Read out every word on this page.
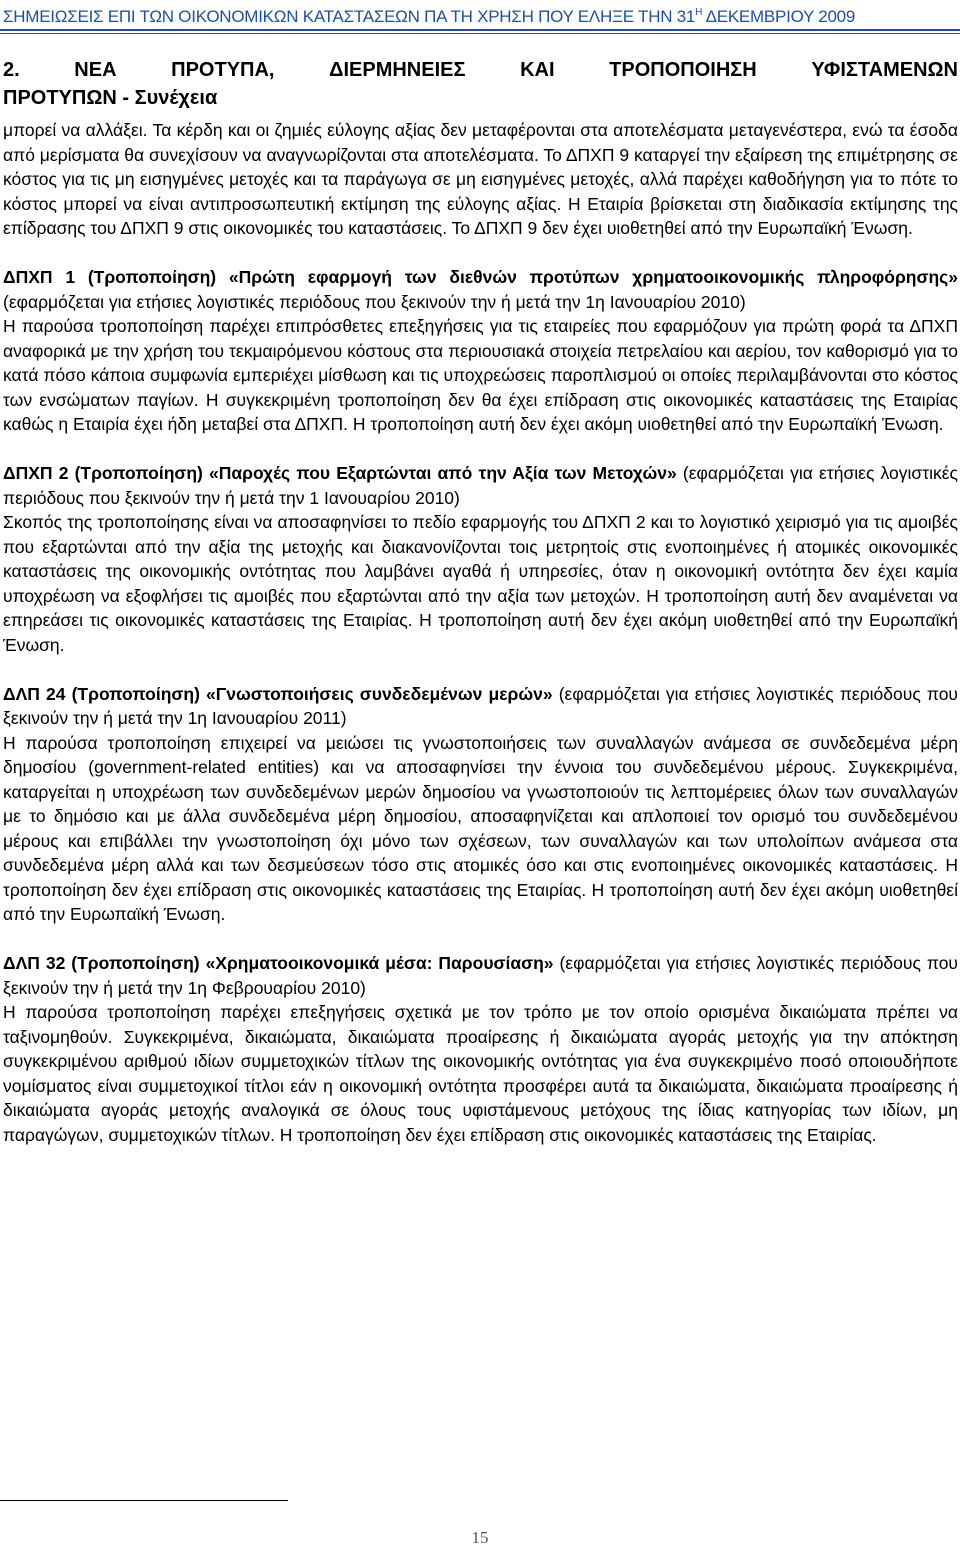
ΣΗΜΕΙΩΣΕΙΣ ΕΠΙ ΤΩΝ ΟΙΚΟΝΟΜΙΚΩΝ ΚΑΤΑΣΤΑΣΕΩΝ ΠΑ ΤΗ ΧΡΗΣΗ ΠΟΥ ΕΛΗΞΕ ΤΗΝ $31^H$ ΔΕΚΕΜΒΡΙΟΥ 2009
2.	ΝΕΑ	ΠΡΟΤΥΠΑ,	ΔΙΕΡΜΗΝΕΙΕΣ	ΚΑΙ	ΤΡΟΠΟΠΟΙΗΣΗ	ΥΦΙΣΤΑΜΕΝΩΝ
ΠΡΟΤΥΠΩΝ - Συνέχεια

μπορεί να αλλάξει. Τα κέρδη και οι ζημιές εύλογης αξίας δεν μεταφέρονται στα αποτελέσματα μεταγενέστερα, ενώ τα έσοδα από μερίσματα θα συνεχίσουν να αναγνωρίζονται στα αποτελέσματα. Το ΔΠΧΠ 9 καταργεί την εξαίρεση της επιμέτρησης σε κόστος για τις μη εισηγμένες μετοχές και τα παράγωγα σε μη εισηγμένες μετοχές, αλλά παρέχει καθοδήγηση για το πότε το κόστος μπορεί να είναι αντιπροσωπευτική εκτίμηση της εύλογης αξίας. Η Εταιρία βρίσκεται στη διαδικασία εκτίμησης της επίδρασης του ΔΠΧΠ 9 στις οικονομικές του καταστάσεις. Το ΔΠΧΠ 9 δεν έχει υιοθετηθεί από την Ευρωπαϊκή Ένωση.

ΔΠΧΠ 1 (Τροποποίηση) «Πρώτη εφαρμογή των διεθνών προτύπων χρηματοοικονομικής πληροφόρησης» (εφαρμόζεται για ετήσιες λογιστικές περιόδους που ξεκινούν την ή μετά την 1η Ιανουαρίου 2010)

Η παρούσα τροποποίηση παρέχει επιπρόσθετες επεξηγήσεις για τις εταιρείες που εφαρμόζουν για πρώτη φορά τα ΔΠΧΠ αναφορικά με την χρήση του τεκμαιρόμενου κόστους στα περιουσιακά στοιχεία πετρελαίου και αερίου, τον καθορισμό για το κατά πόσο κάποια συμφωνία εμπεριέχει μίσθωση και τις υποχρεώσεις παροπλισμού οι οποίες περιλαμβάνονται στο κόστος των ενσώματων παγίων. Η συγκεκριμένη τροποποίηση δεν θα έχει επίδραση στις οικονομικές καταστάσεις της Εταιρίας καθώς η Εταιρία έχει ήδη μεταβεί στα ΔΠΧΠ. Η τροποποίηση αυτή δεν έχει ακόμη υιοθετηθεί από την Ευρωπαϊκή Ένωση.

ΔΠΧΠ 2 (Τροποποίηση) «Παροχές που Εξαρτώνται από την Αξία των Μετοχών» (εφαρμόζεται για ετήσιες λογιστικές περιόδους που ξεκινούν την ή μετά την 1 Ιανουαρίου 2010)

Σκοπός της τροποποίησης είναι να αποσαφηνίσει το πεδίο εφαρμογής του ΔΠΧΠ 2 και το λογιστικό χειρισμό για τις αμοιβές που εξαρτώνται από την αξία της μετοχής και διακανονίζονται τοις μετρητοίς στις ενοποιημένες ή ατομικές οικονομικές καταστάσεις της οικονομικής οντότητας που λαμβάνει αγαθά ή υπηρεσίες, όταν η οικονομική οντότητα δεν έχει καμία υποχρέωση να εξοφλήσει τις αμοιβές που εξαρτώνται από την αξία των μετοχών. Η τροποποίηση αυτή δεν αναμένεται να επηρεάσει τις οικονομικές καταστάσεις της Εταιρίας. Η τροποποίηση αυτή δεν έχει ακόμη υιοθετηθεί από την Ευρωπαϊκή Ένωση.

ΔΛΠ 24 (Τροποποίηση) «Γνωστοποιήσεις συνδεδεμένων μερών» (εφαρμόζεται για ετήσιες λογιστικές περιόδους που ξεκινούν την ή μετά την 1η Ιανουαρίου 2011)

Η παρούσα τροποποίηση επιχειρεί να μειώσει τις γνωστοποιήσεις των συναλλαγών ανάμεσα σε συνδεδεμένα μέρη δημοσίου (government-related entities) και να αποσαφηνίσει την έννοια του συνδεδεμένου μέρους. Συγκεκριμένα, καταργείται η υποχρέωση των συνδεδεμένων μερών δημοσίου να γνωστοποιούν τις λεπτομέρειες όλων των συναλλαγών με το δημόσιο και με άλλα συνδεδεμένα μέρη δημοσίου, αποσαφηνίζεται και απλοποιεί τον ορισμό του συνδεδεμένου μέρους και επιβάλλει την γνωστοποίηση όχι μόνο των σχέσεων, των συναλλαγών και των υπολοίπων ανάμεσα στα συνδεδεμένα μέρη αλλά και των δεσμεύσεων τόσο στις ατομικές όσο και στις ενοποιημένες οικονομικές καταστάσεις. Η τροποποίηση δεν έχει επίδραση στις οικονομικές καταστάσεις της Εταιρίας. Η τροποποίηση αυτή δεν έχει ακόμη υιοθετηθεί από την Ευρωπαϊκή Ένωση.

ΔΛΠ 32 (Τροποποίηση) «Χρηματοοικονομικά μέσα: Παρουσίαση» (εφαρμόζεται για ετήσιες λογιστικές περιόδους που ξεκινούν την ή μετά την 1η Φεβρουαρίου 2010)

Η παρούσα τροποποίηση παρέχει επεξηγήσεις σχετικά με τον τρόπο με τον οποίο ορισμένα δικαιώματα πρέπει να ταξινομηθούν. Συγκεκριμένα, δικαιώματα, δικαιώματα προαίρεσης ή δικαιώματα αγοράς μετοχής για την απόκτηση συγκεκριμένου αριθμού ιδίων συμμετοχικών τίτλων της οικονομικής οντότητας για ένα συγκεκριμένο ποσό οποιουδήποτε νομίσματος είναι συμμετοχικοί τίτλοι εάν η οικονομική οντότητα προσφέρει αυτά τα δικαιώματα, δικαιώματα προαίρεσης ή δικαιώματα αγοράς μετοχής αναλογικά σε όλους τους υφιστάμενους μετόχους της ίδιας κατηγορίας των ιδίων, μη παραγώγων, συμμετοχικών τίτλων. Η τροποποίηση δεν έχει επίδραση στις οικονομικές καταστάσεις της Εταιρίας.

15
